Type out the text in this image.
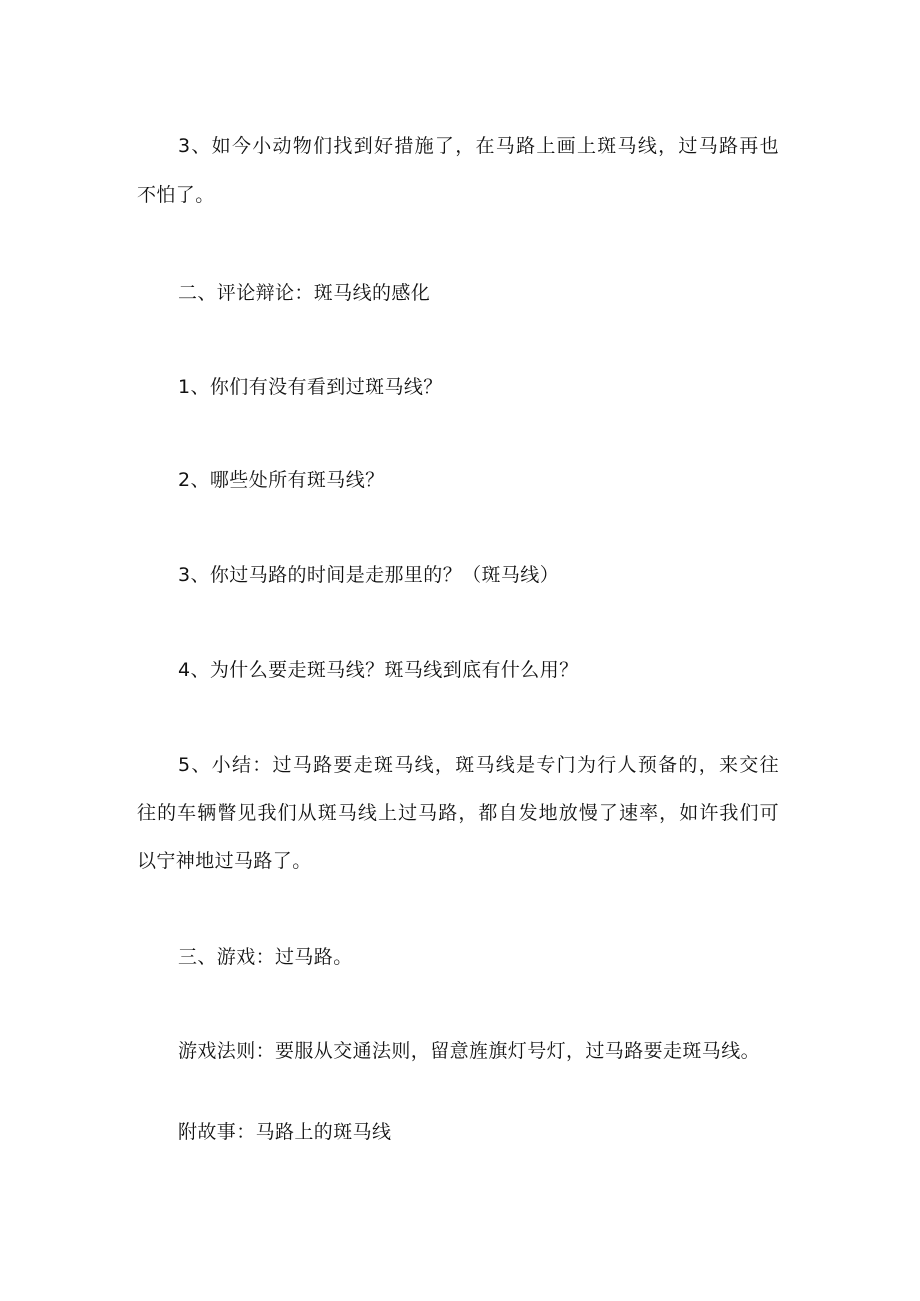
3、如今小动物们找到好措施了，在马路上画上斑马线，过马路再也
不怕了。
二、评论辩论：斑马线的感化
1、你们有没有看到过斑马线？
2、哪些处所有斑马线？
3、你过马路的时间是走那里的？（斑马线）
4、为什么要走斑马线？斑马线到底有什么用？
5、小结：过马路要走斑马线，斑马线是专门为行人预备的，来交往
往的车辆瞥见我们从斑马线上过马路，都自发地放慢了速率，如许我们可
以宁神地过马路了。
三、游戏：过马路。
游戏法则：要服从交通法则，留意旌旗灯号灯，过马路要走斑马线。
附故事：马路上的斑马线
